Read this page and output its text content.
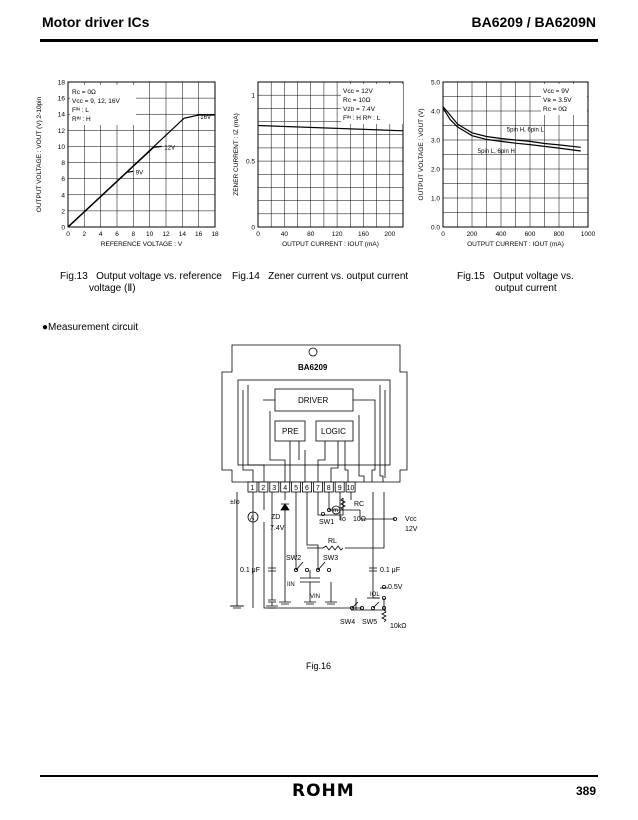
Motor driver ICs	BA6209 / BA6209N
0 2 4 6 8 10 12 14 16 18
0
2
4
6
8
10
12
14
16
18
REFERENCE VOLTAGE : V
OUTPUT VOLTAGE : VOUT (V) 2-10pin
Rᴄ = 0Ω
Vcc = 9, 12, 16V
Fᴵᴺ : L
Rᴵᴺ : H	16V
12V
9V
0	40	80	120 160 200
0
0.5
1
OUTPUT CURRENT : IOUT (mA)
ZENER CURRENT : IZ (mA)
Vcc = 12V
Rᴄ = 10Ω
Vᴢᴅ = 7.4V
Fᴵᴺ : H Rᴵᴺ : L
0	200	400	600	800	1000
0.0
1.0
2.0
3.0
4.0
5.0
OUTPUT CURRENT : IOUT (mA)
OUTPUT VOLTAGE : VOUT (V)
Vcc = 9V
Vʀ = 3.5V
Rᴄ = 0Ω
5pin H, 6pin L
5pin L, 6pin H
Fig.13 Output voltage vs. reference
voltage (Ⅱ)
Fig.14 Zener current vs. output current	Fig.15 Output voltage vs.
output current
●Measurement circuit
BA6209
DRIVER
PRE	LOGIC
1 2 3 4 5 6 7 8 9 10
A
±Io
ZD
7.4V
RC
Io 10Ω
SW1
m
Vcc
12V
RL
SW2	SW3
0.1 μF	0.1 μF
IIN
VIN
0.5V
IOL
SW4 SW5
10kΩ
Fig.16
ROHM	389
